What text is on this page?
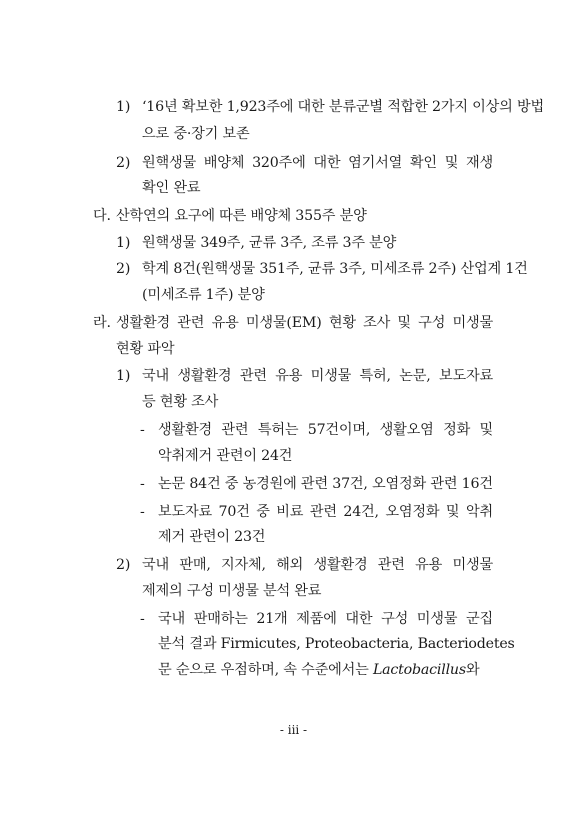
1) ‘16년 확보한 1,923주에 대한 분류군별 적합한 2가지 이상의 방법
으로 중·장기 보존
2) 원핵생물 배양체 320주에 대한 염기서열 확인 및 재생
확인 완료
다. 산학연의 요구에 따른 배양체 355주 분양
1) 원핵생물 349주, 균류 3주, 조류 3주 분양
2) 학계 8건(원핵생물 351주, 균류 3주, 미세조류 2주) 산업계 1건
(미세조류 1주) 분양
라. 생활환경 관련 유용 미생물(EM) 현황 조사 및 구성 미생물
현황 파악
1) 국내 생활환경 관련 유용 미생물 특허, 논문, 보도자료
등 현황 조사
- 생활환경 관련 특허는 57건이며, 생활오염 정화 및
악취제거 관련이 24건
- 논문 84건 중 농경원에 관련 37건, 오염정화 관련 16건
- 보도자료 70건 중 비료 관련 24건, 오염정화 및 악취
제거 관련이 23건
2) 국내 판매, 지자체, 해외 생활환경 관련 유용 미생물
제제의 구성 미생물 분석 완료
- 국내 판매하는 21개 제품에 대한 구성 미생물 군집
분석 결과 Firmicutes, Proteobacteria, Bacteriodetes
문 순으로 우점하며, 속 수준에서는 Lactobacillus와
- iii -
